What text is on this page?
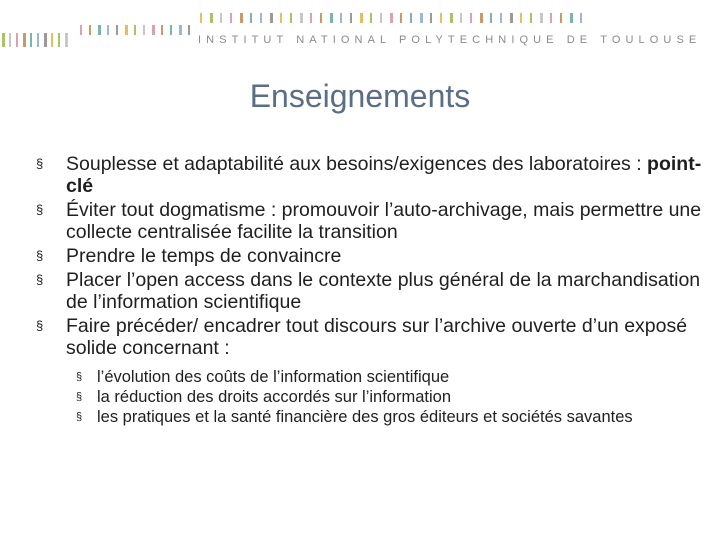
INSTITUT NATIONAL POLYTECHNIQUE DE TOULOUSE
Enseignements
§	Souplesse et adaptabilité aux besoins/exigences des laboratoires : point-clé
§	Éviter tout dogmatisme : promouvoir l’auto-archivage, mais permettre une collecte centralisée facilite la transition
§	Prendre le temps de convaincre
§	Placer l’open access dans le contexte plus général de la marchandisation de l’information scientifique
§	Faire précéder/ encadrer tout discours sur l’archive ouverte d’un exposé solide concernant :
§ l’évolution des coûts de l’information scientifique
§ la réduction des droits accordés sur l’information
§ les pratiques et la santé financière des gros éditeurs et sociétés savantes
